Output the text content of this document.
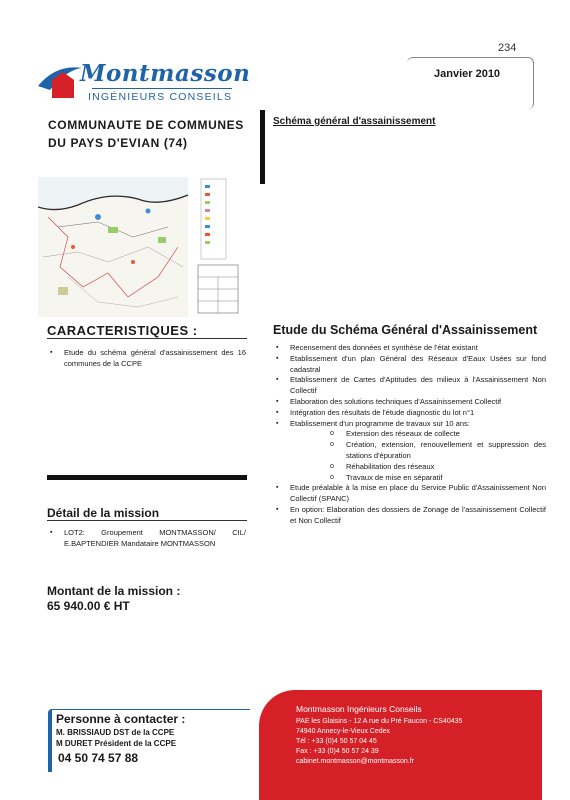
234
Montmasson
INGÉNIEURS CONSEILS
Janvier 2010
COMMUNAUTE DE COMMUNES DU PAYS D'EVIAN (74)
Schéma général d'assainissement
CARACTERISTIQUES :
▪ Etude du schéma général d'assainissement des 16 communes de la CCPE
Détail de la mission
▪ LOT2: Groupement MONTMASSON/ CIL/ E.BAPTENDIER Mandataire MONTMASSON
Montant de la mission :
65 940.00 € HT
Etude du Schéma Général d'Assainissement
▪ Recensement des données et synthèse de l'état existant
▪ Etablissement d'un plan Général des Réseaux d'Eaux Usées sur fond cadastral
▪ Etablissement de Cartes d'Aptitudes des milieux à l'Assainissement Non Collectif
▪ Elaboration des solutions techniques d'Assainissement Collectif
▪ Intégration des résultats de l'étude diagnostic du lot n°1
▪ Etablissement d'un programme de travaux sur 10 ans:
o Extension des réseaux de collecte
o Création, extension, renouvellement et suppression des stations d'épuration
o Réhabilitation des réseaux
o Travaux de mise en séparatif
▪ Etude préalable à la mise en place du Service Public d'Assainissement Non Collectif (SPANC)
▪ En option: Elaboration des dossiers de Zonage de l'assainissement Collectif et Non Collectif
Personne à contacter :
M. BRISSIAUD DST de la CCPE
M DURET Président de la CCPE
04 50 74 57 88
Montmasson Ingénieurs Conseils
PAE les Glaisins - 12 A rue du Pré Faucon - CS40435
74940 Annecy-le-Vieux Cedex
Tél : +33 (0)4 50 57 04 45
Fax : +33 (0)4 50 57 24 39
cabinet.montmasson@montmasson.fr
